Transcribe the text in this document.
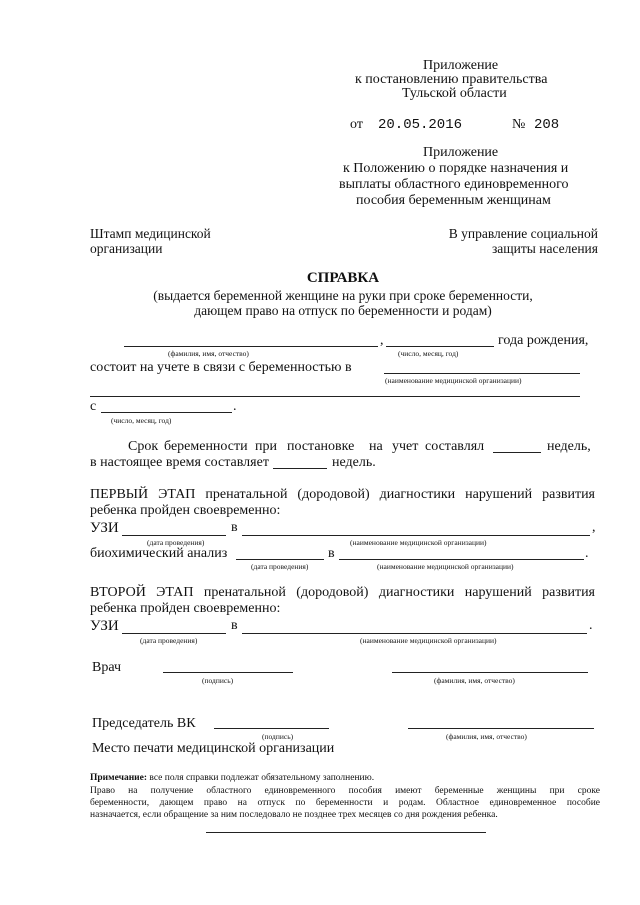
Приложение
к постановлению правительства
Тульской области
от 20.05.2016	№ 208
Приложение
к Положению о порядке назначения и
выплаты областного единовременного
пособия беременным женщинам
Штамп медицинской
организации
В управление социальной
защиты населения
СПРАВКА
(выдается беременной женщине на руки при сроке беременности,
дающем право на отпуск по беременности и родам)
,	года рождения,
(фамилия, имя, отчество)	(число, месяц, год)
состоит на учете в связи с беременностью в
(наименование медицинской организации)
с	.
(число, месяц, год)
Срок беременности при постановке на учет составлял	недель,
в настоящее время составляет	недель.
ПЕРВЫЙ ЭТАП пренатальной (дородовой) диагностики нарушений развития
ребенка пройден своевременно:
УЗИ	в	,
(дата проведения)	(наименование медицинской организации)
биохимический анализ	в	.
(дата проведения)	(наименование медицинской организации)
ВТОРОЙ ЭТАП пренатальной (дородовой) диагностики нарушений развития
ребенка пройден своевременно:
УЗИ	в	.
(дата проведения)	(наименование медицинской организации)
Врач
(подпись)	(фамилия, имя, отчество)
Председатель ВК
(подпись)	(фамилия, имя, отчество)
Место печати медицинской организации
Примечание: все поля справки подлежат обязательному заполнению.
Право на получение областного единовременного пособия имеют беременные женщины при сроке
беременности, дающем право на отпуск по беременности и родам. Областное единовременное пособие
назначается, если обращение за ним последовало не позднее трех месяцев со дня рождения ребенка.
